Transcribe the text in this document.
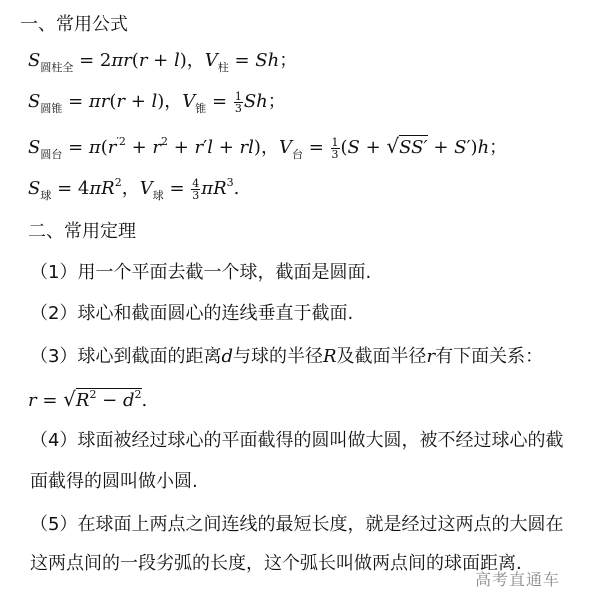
一、常用公式
$S_{圆柱全} = 2\pi r(r + l)$，$V_柱 = Sh$；
$S_{圆锥} = \pi r(r + l)$，$V_锥 = \frac{1}{3}$ Sh；
$S_{圆台} = \pi(r^{'2} + r^2 + r'l + rl)$，$V_台 = \frac{1}{3} (S + √SS' + S')h$；
$S_球 = 4\pi R^2$，$V_球 = \frac{4}{3} \pi R^3$.
二、常用定理
（1）用一个平面去截一个球，截面是圆面.
（2）球心和截面圆心的连线垂直于截面.
（3）球心到截面的距离d与球的半径R及截面半径r有下面关系：
$r = √R^2 - d^2$.
（4）球面被经过球心的平面截得的圆叫做大圆，被不经过球心的截
面截得的圆叫做小圆.
（5）在球面上两点之间连线的最短长度，就是经过这两点的大圆在
这两点间的一段劣弧的长度，这个弧长叫做两点间的球面距离.
高考直通车
